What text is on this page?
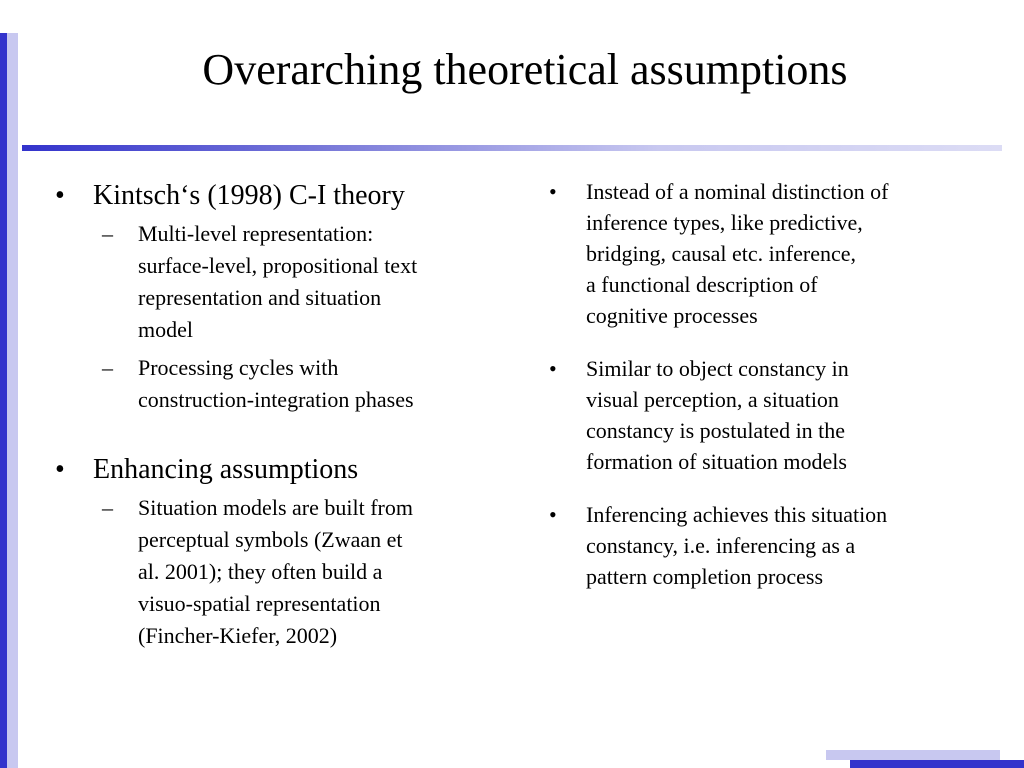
Overarching theoretical assumptions
• Kintsch‘s (1998) C-I theory
– Multi-level representation:
surface-level, propositional text
representation and situation
model
– Processing cycles with
construction-integration phases
• Enhancing assumptions
– Situation models are built from
perceptual symbols (Zwaan et
al. 2001); they often build a
visuo-spatial representation
(Fincher-Kiefer, 2002)
• Instead of a nominal distinction of
inference types, like predictive,
bridging, causal etc. inference,
a functional description of
cognitive processes
• Similar to object constancy in
visual perception, a situation
constancy is postulated in the
formation of situation models
• Inferencing achieves this situation
constancy, i.e. inferencing as a
pattern completion process
